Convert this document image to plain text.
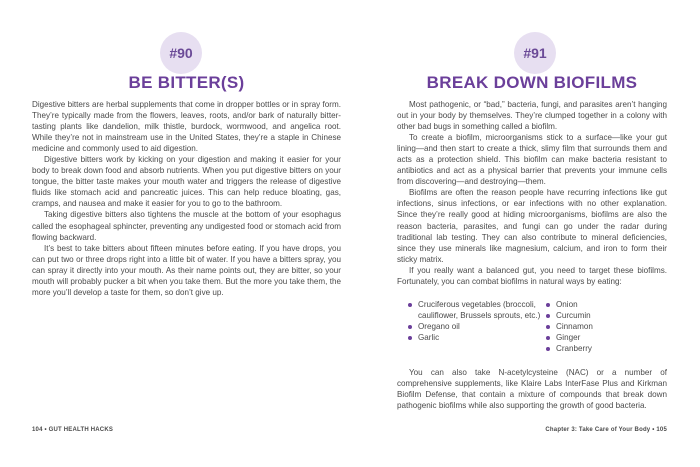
#90
BE BITTER(S)

Digestive bitters are herbal supplements that come in dropper bottles or in spray form. They’re typically made from the flowers, leaves, roots, and/or bark of naturally bitter-tasting plants like dandelion, milk thistle, burdock, wormwood, and angelica root. While they’re not in mainstream use in the United States, they’re a staple in Chinese medicine and commonly used to aid digestion.

Digestive bitters work by kicking on your digestion and making it easier for your body to break down food and absorb nutrients. When you put digestive bitters on your tongue, the bitter taste makes your mouth water and triggers the release of digestive fluids like stomach acid and pancreatic juices. This can help reduce bloating, gas, cramps, and nausea and make it easier for you to go to the bathroom.

Taking digestive bitters also tightens the muscle at the bottom of your esophagus called the esophageal sphincter, preventing any undigested food or stomach acid from flowing backward.

It’s best to take bitters about fifteen minutes before eating. If you have drops, you can put two or three drops right into a little bit of water. If you have a bitters spray, you can spray it directly into your mouth. As their name points out, they are bitter, so your mouth will probably pucker a bit when you take them. But the more you take them, the more you’ll develop a taste for them, so don’t give up.

104 • GUT HEALTH HACKS
#91
BREAK DOWN BIOFILMS

Most pathogenic, or “bad,” bacteria, fungi, and parasites aren’t hanging out in your body by themselves. They’re clumped together in a colony with other bad bugs in something called a biofilm.

To create a biofilm, microorganisms stick to a surface—like your gut lining—and then start to create a thick, slimy film that surrounds them and acts as a protection shield. This biofilm can make bacteria resistant to antibiotics and act as a physical barrier that prevents your immune cells from discovering—and destroying—them.

Biofilms are often the reason people have recurring infections like gut infections, sinus infections, or ear infections with no other explanation. Since they’re really good at hiding microorganisms, biofilms are also the reason bacteria, parasites, and fungi can go under the radar during traditional lab testing. They can also contribute to mineral deficiencies, since they use minerals like magnesium, calcium, and iron to form their sticky matrix.

If you really want a balanced gut, you need to target these biofilms. Fortunately, you can combat biofilms in natural ways by eating:

Cruciferous vegetables (broccoli, cauliflower, Brussels sprouts, etc.)
Oregano oil
Garlic
Onion
Curcumin
Cinnamon
Ginger
Cranberry

You can also take N-acetylcysteine (NAC) or a number of comprehensive supplements, like Klaire Labs InterFase Plus and Kirkman Biofilm Defense, that contain a mixture of compounds that break down pathogenic biofilms while also supporting the growth of good bacteria.

Chapter 3: Take Care of Your Body • 105
